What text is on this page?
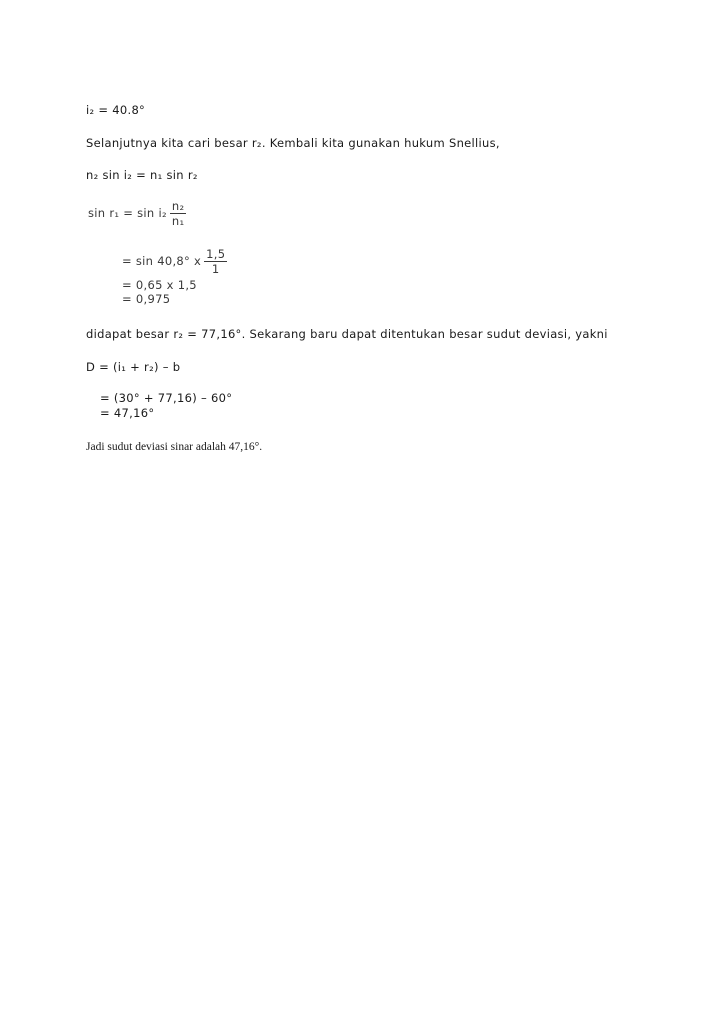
i₂ = 40.8°
Selanjutnya kita cari besar r₂. Kembali kita gunakan hukum Snellius,
n₂ sin i₂ = n₁ sin r₂
$\sin r_1 = \sin i_2 \frac{\text{n₂}}{\text{n₁}}$
= sin 40,8° x $\frac{1,5}{1}$
= 0,65 x 1,5
= 0,975
didapat besar r₂ = 77,16°. Sekarang baru dapat ditentukan besar sudut deviasi, yakni
D = (i₁ + r₂) – b
= (30° + 77,16) – 60°
= 47,16°
Jadi sudut deviasi sinar adalah 47,16°.
